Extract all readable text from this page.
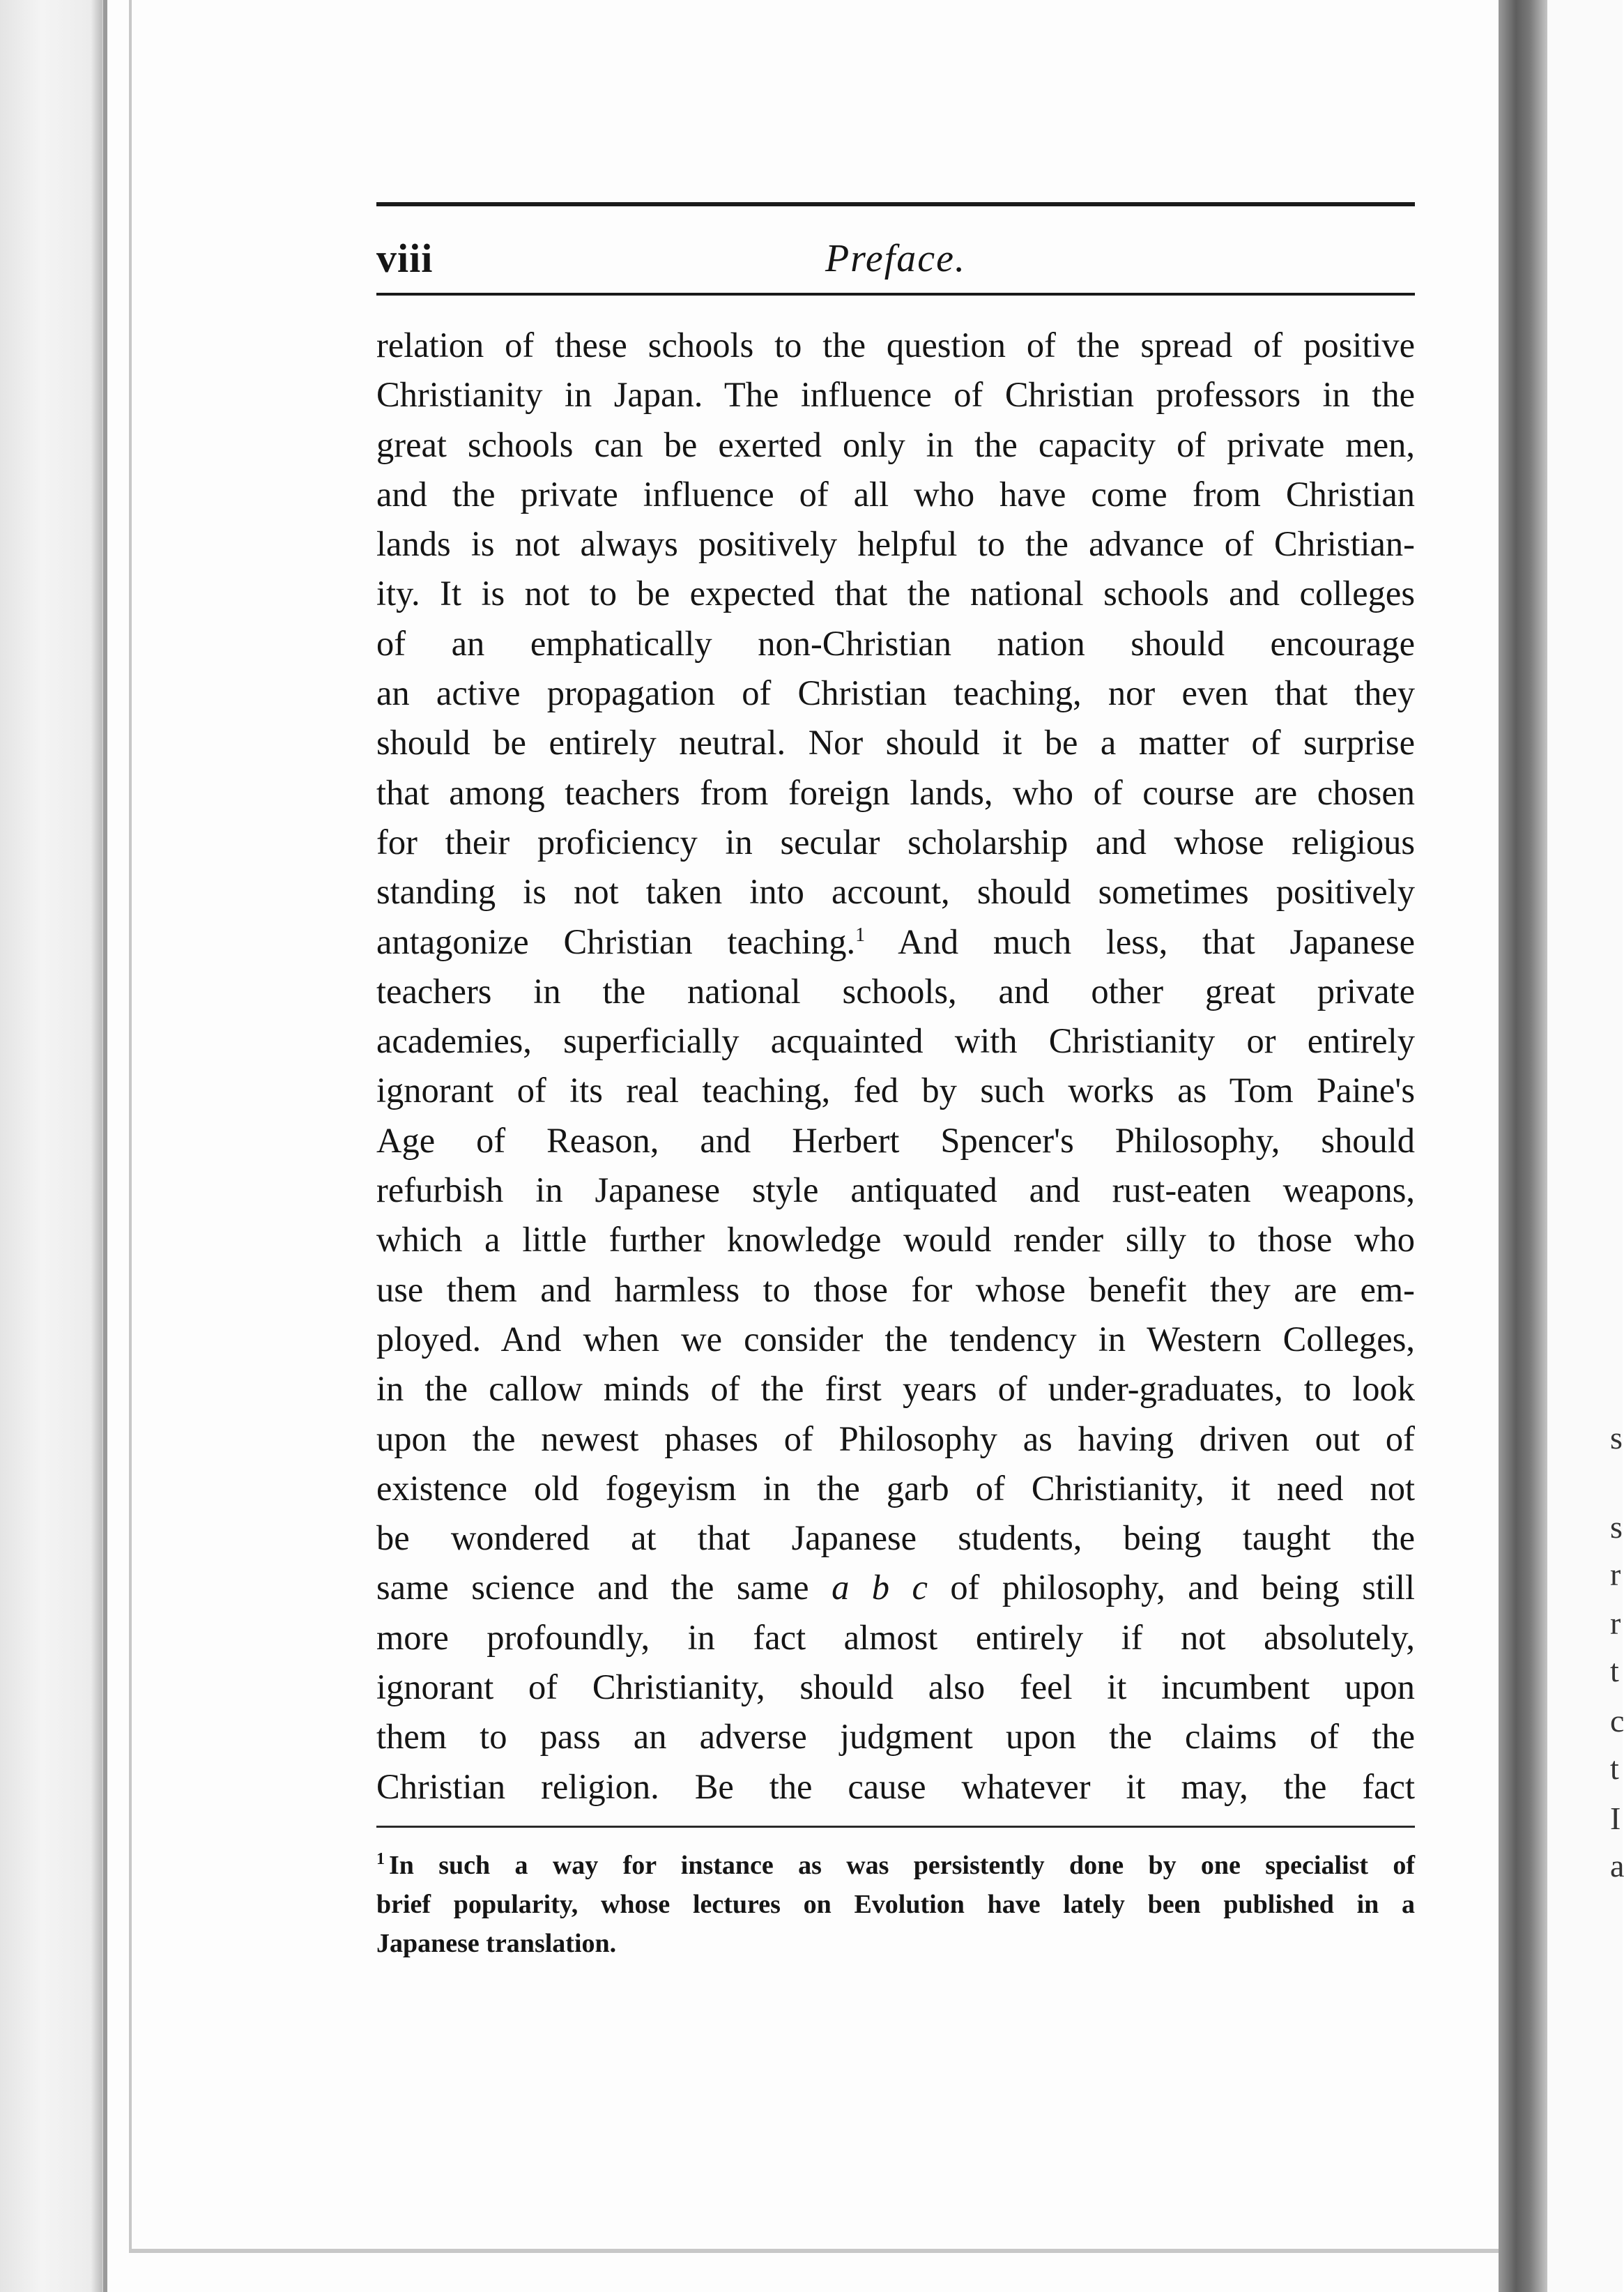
s
s
r
r
t
c
t
I
a
viii	Preface.
relation of these schools to the question of the spread of positive
Christianity in Japan. The influence of Christian professors in the
great schools can be exerted only in the capacity of private men,
and the private influence of all who have come from Christian
lands is not always positively helpful to the advance of Christian-
ity. It is not to be expected that the national schools and colleges
of an emphatically non-Christian nation should encourage
an active propagation of Christian teaching, nor even that they
should be entirely neutral. Nor should it be a matter of surprise
that among teachers from foreign lands, who of course are chosen
for their proficiency in secular scholarship and whose religious
standing is not taken into account, should sometimes positively
antagonize Christian teaching.$^1$ And much less, that Japanese
teachers in the national schools, and other great private
academies, superficially acquainted with Christianity or entirely
ignorant of its real teaching, fed by such works as Tom Paine's
Age of Reason, and Herbert Spencer's Philosophy, should
refurbish in Japanese style antiquated and rust-eaten weapons,
which a little further knowledge would render silly to those who
use them and harmless to those for whose benefit they are em-
ployed. And when we consider the tendency in Western Colleges,
in the callow minds of the first years of under-graduates, to look
upon the newest phases of Philosophy as having driven out of
existence old fogeyism in the garb of Christianity, it need not
be wondered at that Japanese students, being taught the
same science and the same a b c of philosophy, and being still
more profoundly, in fact almost entirely if not absolutely,
ignorant of Christianity, should also feel it incumbent upon
them to pass an adverse judgment upon the claims of the
Christian religion. Be the cause whatever it may, the fact
$^1$ In such a way for instance as was persistently done by one specialist of
brief popularity, whose lectures on Evolution have lately been published in a
Japanese translation.
